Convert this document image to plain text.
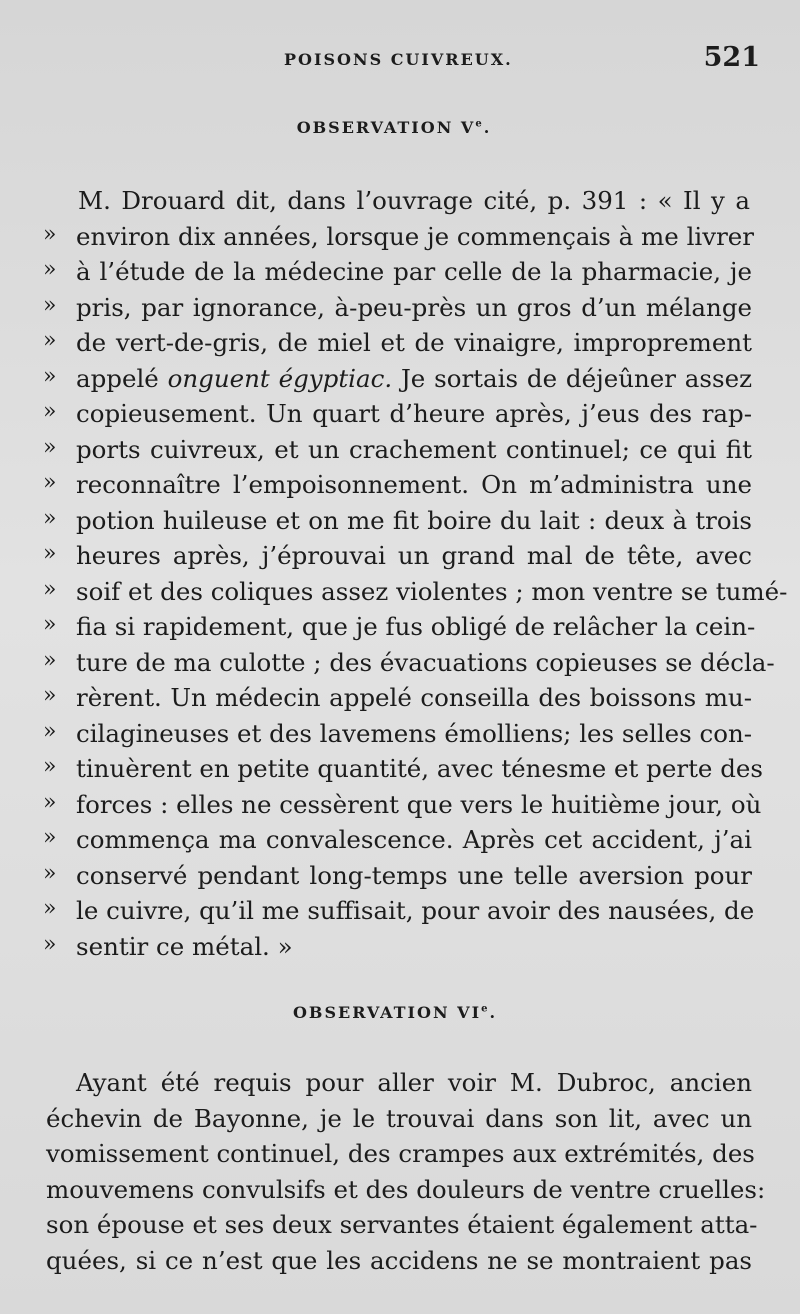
POISONS CUIVREUX.	521
OBSERVATION Ve.
M. Drouard dit, dans l’ouvrage cité, p. 391 : « Il y a
» environ dix années, lorsque je commençais à me livrer
» à l’étude de la médecine par celle de la pharmacie, je
» pris, par ignorance, à-peu-près un gros d’un mélange
» de vert-de-gris, de miel et de vinaigre, improprement
» appelé onguent égyptiac. Je sortais de déjeûner assez
» copieusement. Un quart d’heure après, j’eus des rap-
» ports cuivreux, et un crachement continuel; ce qui fit
» reconnaître l’empoisonnement. On m’administra une
» potion huileuse et on me fit boire du lait : deux à trois
» heures après, j’éprouvai un grand mal de tête, avec
» soif et des coliques assez violentes ; mon ventre se tumé-
» fia si rapidement, que je fus obligé de relâcher la cein-
» ture de ma culotte ; des évacuations copieuses se décla-
» rèrent. Un médecin appelé conseilla des boissons mu-
» cilagineuses et des lavemens émolliens; les selles con-
» tinuèrent en petite quantité, avec ténesme et perte des
» forces : elles ne cessèrent que vers le huitième jour, où
» commença ma convalescence. Après cet accident, j’ai
» conservé pendant long-temps une telle aversion pour
» le cuivre, qu’il me suffisait, pour avoir des nausées, de
» sentir ce métal. »
OBSERVATION VIe.
Ayant été requis pour aller voir M. Dubroc, ancien
échevin de Bayonne, je le trouvai dans son lit, avec un
vomissement continuel, des crampes aux extrémités, des
mouvemens convulsifs et des douleurs de ventre cruelles:
son épouse et ses deux servantes étaient également atta-
quées, si ce n’est que les accidens ne se montraient pas
